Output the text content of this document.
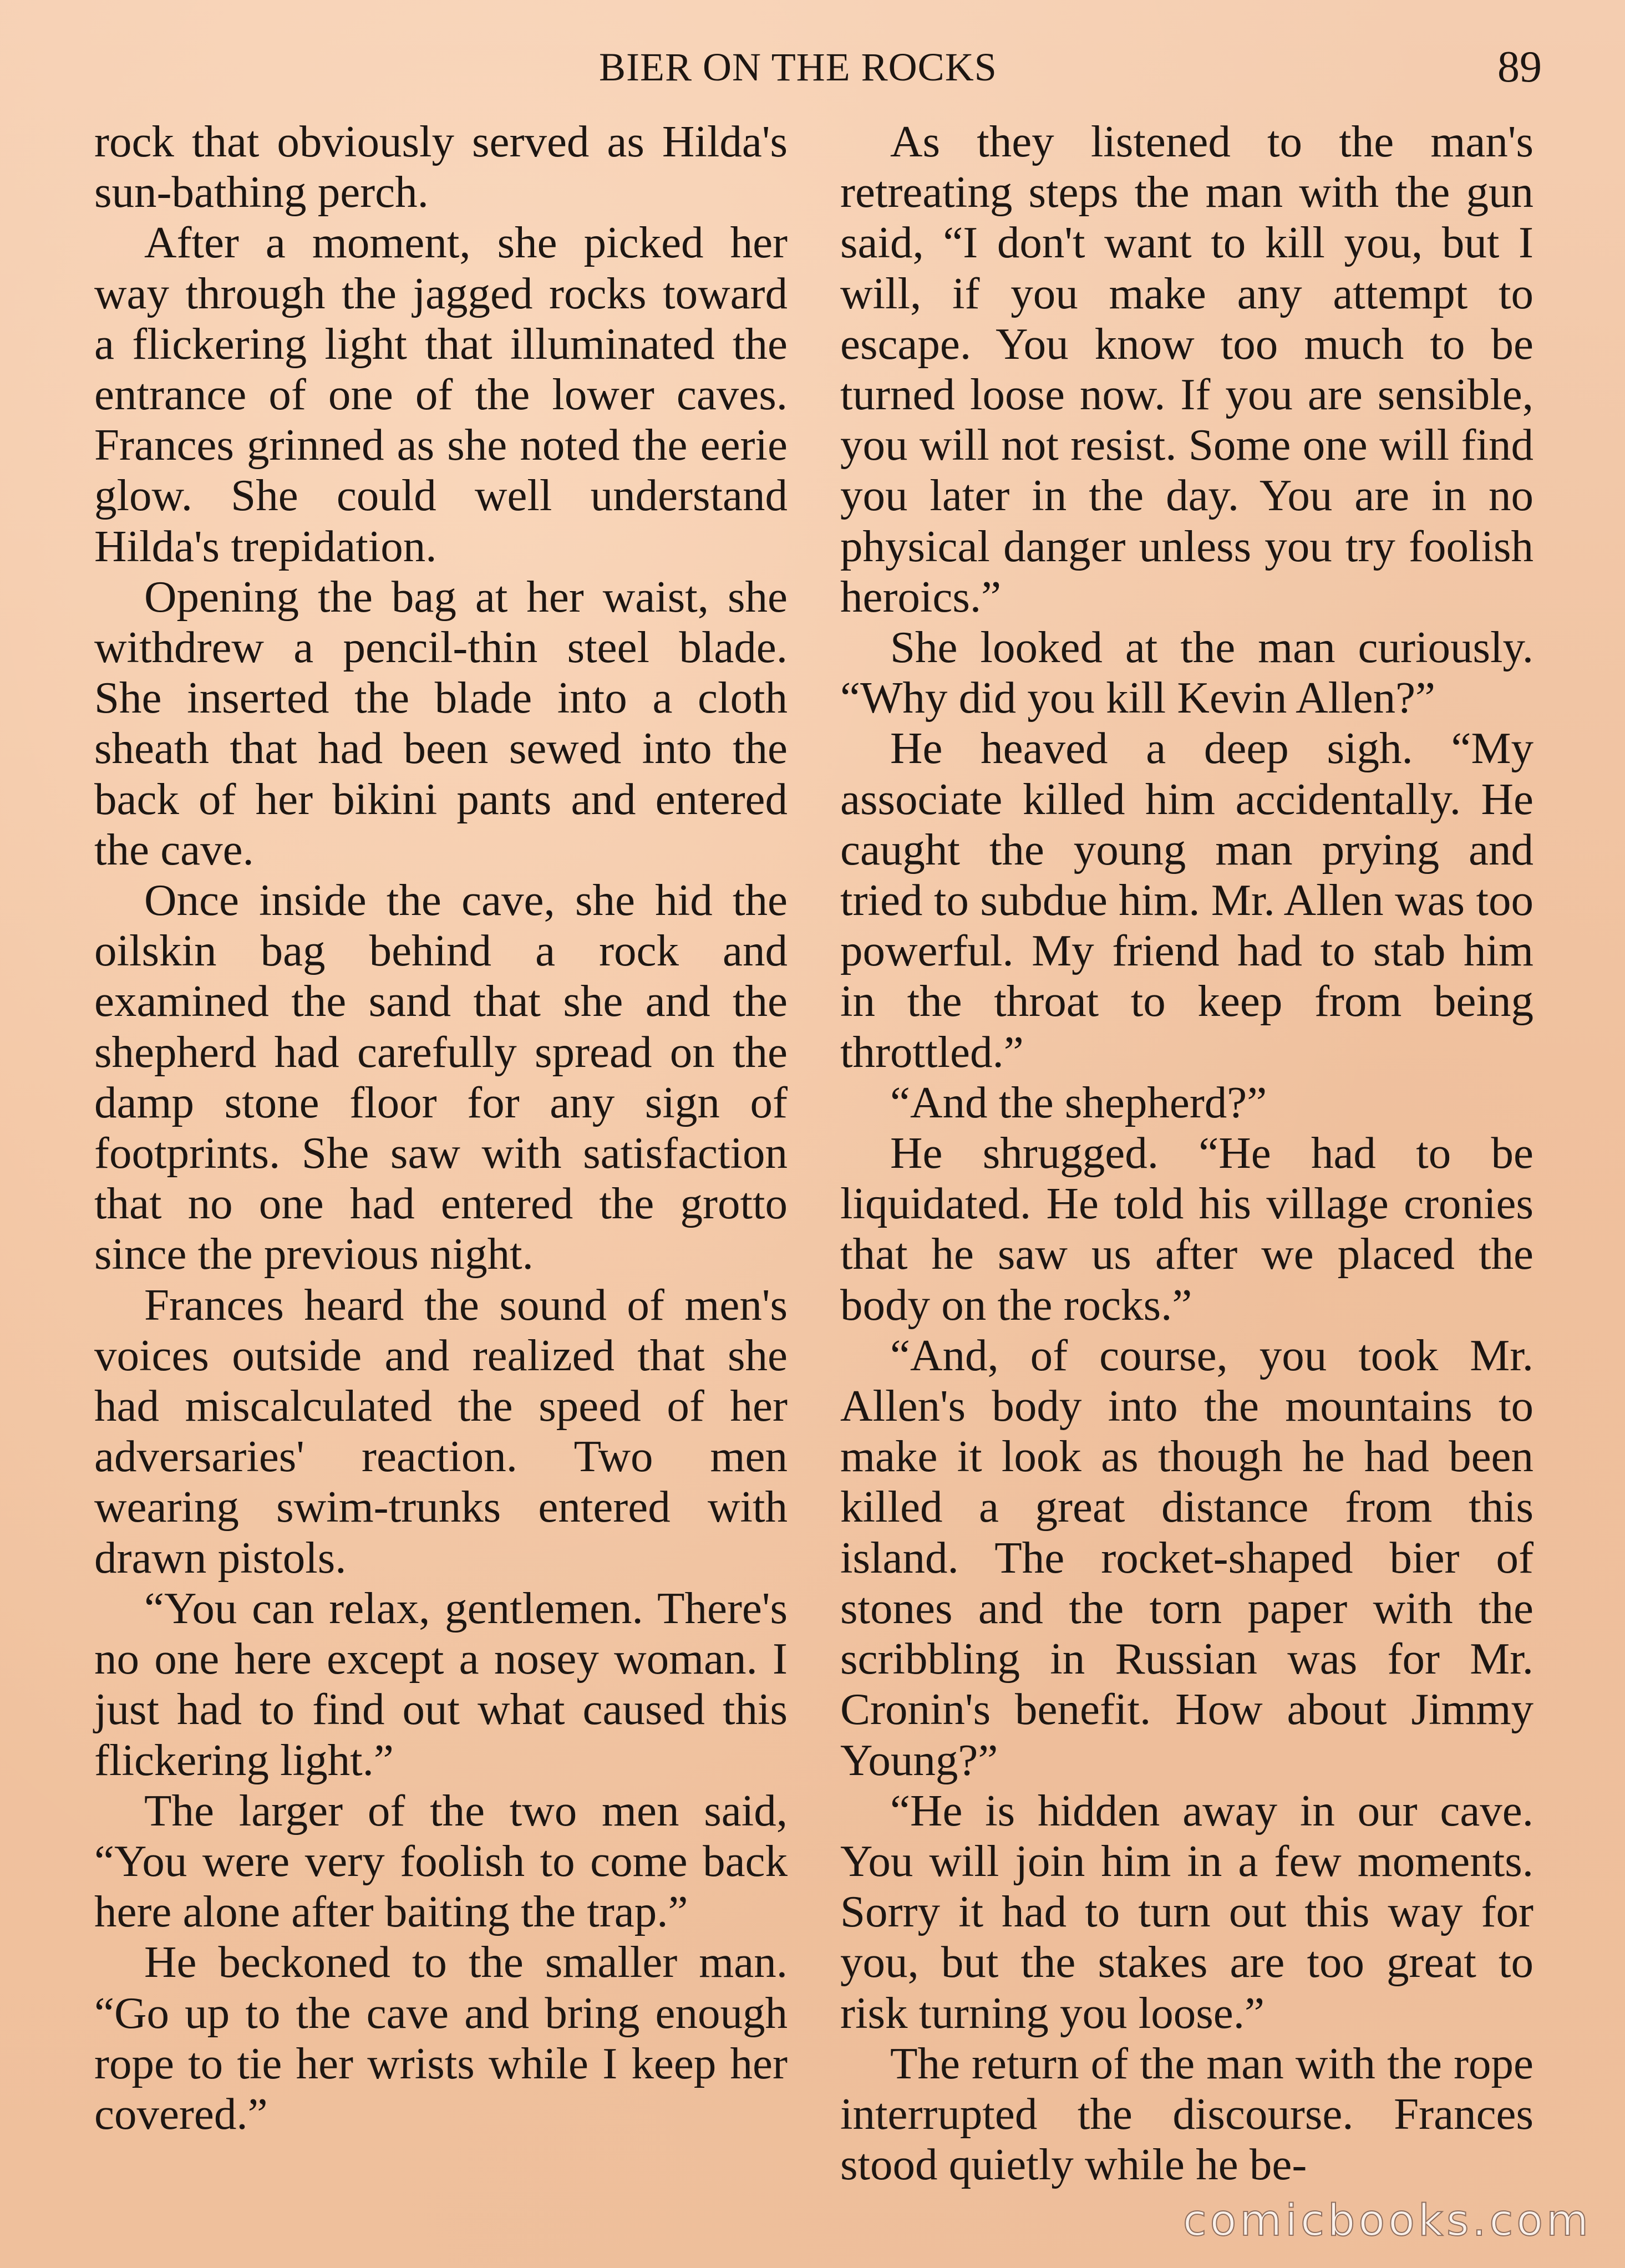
BIER ON THE ROCKS	89

rock that obviously served as Hilda's sun-bathing perch.

After a moment, she picked her way through the jagged rocks toward a flickering light that illuminated the entrance of one of the lower caves. Frances grinned as she noted the eerie glow. She could well understand Hilda's trepidation.

Opening the bag at her waist, she withdrew a pencil-thin steel blade. She inserted the blade into a cloth sheath that had been sewed into the back of her bikini pants and entered the cave.

Once inside the cave, she hid the oilskin bag behind a rock and examined the sand that she and the shepherd had carefully spread on the damp stone floor for any sign of footprints. She saw with satisfaction that no one had entered the grotto since the previous night.

Frances heard the sound of men's voices outside and realized that she had miscalculated the speed of her adversaries' reaction. Two men wearing swim-trunks entered with drawn pistols.

“You can relax, gentlemen. There's no one here except a nosey woman. I just had to find out what caused this flickering light.”

The larger of the two men said, “You were very foolish to come back here alone after baiting the trap.”

He beckoned to the smaller man. “Go up to the cave and bring enough rope to tie her wrists while I keep her covered.”

As they listened to the man's retreating steps the man with the gun said, “I don't want to kill you, but I will, if you make any attempt to escape. You know too much to be turned loose now. If you are sensible, you will not resist. Some one will find you later in the day. You are in no physical danger unless you try foolish heroics.”

She looked at the man curiously. “Why did you kill Kevin Allen?”

He heaved a deep sigh. “My associate killed him accidentally. He caught the young man prying and tried to subdue him. Mr. Allen was too powerful. My friend had to stab him in the throat to keep from being throttled.”

“And the shepherd?”

He shrugged. “He had to be liquidated. He told his village cronies that he saw us after we placed the body on the rocks.”

“And, of course, you took Mr. Allen's body into the mountains to make it look as though he had been killed a great distance from this island. The rocket-shaped bier of stones and the torn paper with the scribbling in Russian was for Mr. Cronin's benefit. How about Jimmy Young?”

“He is hidden away in our cave. You will join him in a few moments. Sorry it had to turn out this way for you, but the stakes are too great to risk turning you loose.”

The return of the man with the rope interrupted the discourse. Frances stood quietly while he be-

comicbooks.com
